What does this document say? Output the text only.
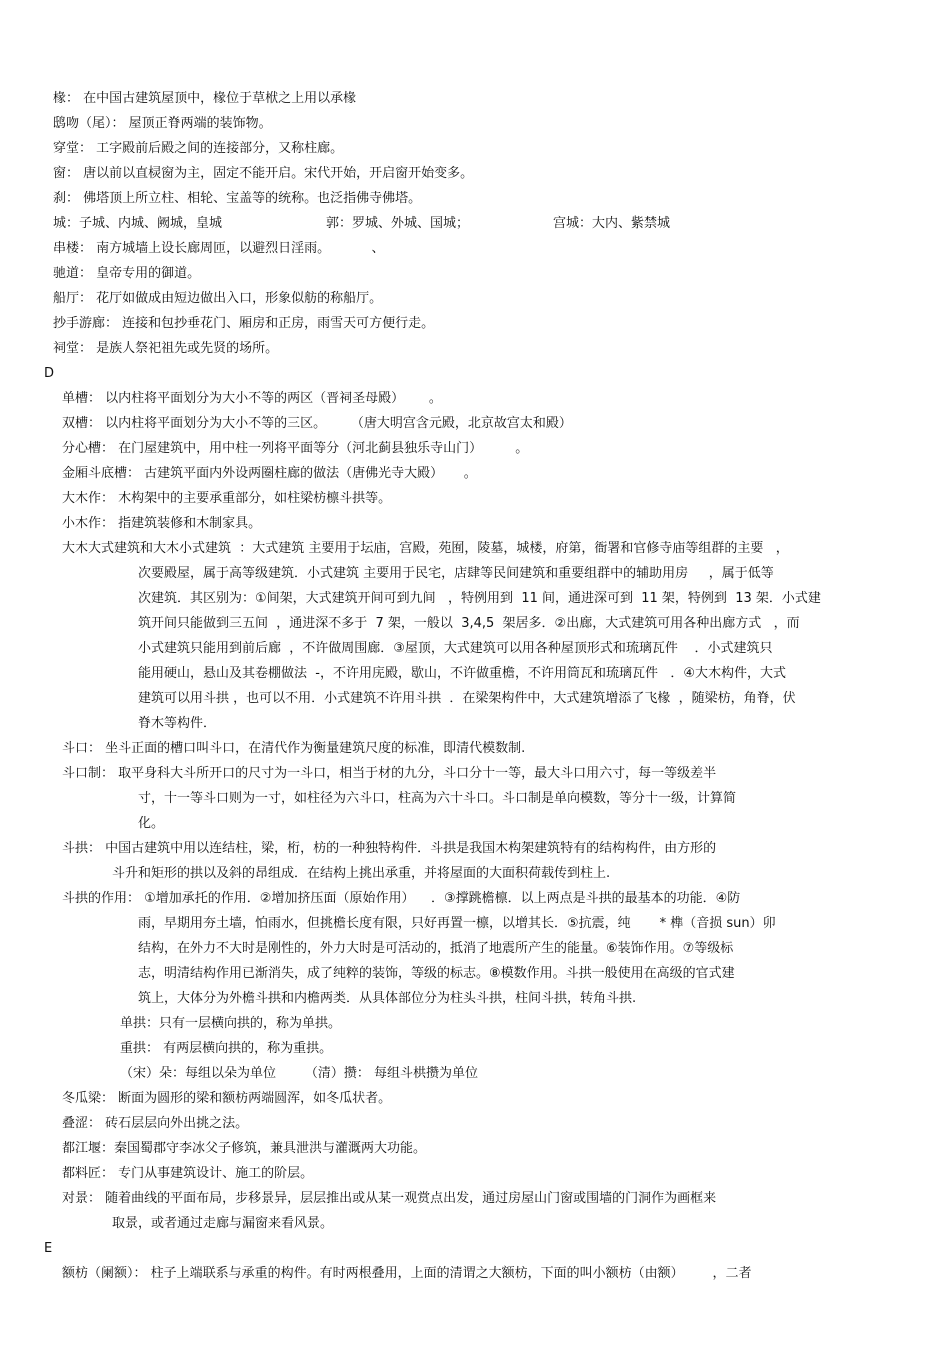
椽： 在中国古建筑屋顶中，椽位于草栿之上用以承椽
鸱吻（尾）： 屋顶正脊两端的装饰物。
穿堂： 工字殿前后殿之间的连接部分，又称柱廊。
窗： 唐以前以直棂窗为主，固定不能开启。宋代开始，开启窗开始变多。
刹： 佛塔顶上所立柱、相轮、宝盖等的统称。也泛指佛寺佛塔。
城：子城、内城、阙城，皇城	郭：罗城、外城、国城；	宫城：大内、紫禁城
串楼： 南方城墙上设长廊周匝，以避烈日淫雨。          、
驰道： 皇帝专用的御道。
船厅： 花厅如做成由短边做出入口，形象似舫的称船厅。
抄手游廊： 连接和包抄垂花门、厢房和正房，雨雪天可方便行走。
祠堂： 是族人祭祀祖先或先贤的场所。
D
单槽： 以内柱将平面划分为大小不等的两区（晋祠圣母殿）      。
双槽： 以内柱将平面划分为大小不等的三区。      （唐大明宫含元殿，北京故宫太和殿）
分心槽： 在门屋建筑中，用中柱一列将平面等分（河北蓟县独乐寺山门）        。
金厢斗底槽： 古建筑平面内外设两圈柱廊的做法（唐佛光寺大殿）     。
大木作： 木构架中的主要承重部分，如柱梁枋檩斗拱等。
小木作： 指建筑装修和木制家具。
大木大式建筑和大木小式建筑  ：大式建筑 主要用于坛庙，宫殿，苑囿，陵墓，城楼，府第，衙署和官修寺庙等组群的主要   ，
次要殿屋，属于高等级建筑．小式建筑 主要用于民宅，店肆等民间建筑和重要组群中的辅助用房     ，属于低等
次建筑．其区别为：①间架，大式建筑开间可到九间   ，特例用到  11 间，通进深可到  11 架，特例到  13 架．小式建
筑开间只能做到三五间  ，通进深不多于  7 架，一般以  3,4,5  架居多．②出廊，大式建筑可用各种出廊方式   ，而
小式建筑只能用到前后廊  ，不许做周围廊．③屋顶，大式建筑可以用各种屋顶形式和琉璃瓦件    ．小式建筑只
能用硬山，悬山及其卷棚做法  -，不许用庑殿，歇山，不许做重檐，不许用筒瓦和琉璃瓦件   ．④大木构件，大式
建筑可以用斗拱 ，也可以不用．小式建筑不许用斗拱  ．在梁架构件中，大式建筑增添了飞椽  ，随梁枋，角脊，伏
脊木等构件．
斗口： 坐斗正面的槽口叫斗口，在清代作为衡量建筑尺度的标准，即清代模数制.
斗口制： 取平身科大斗所开口的尺寸为一斗口，相当于材的九分，斗口分十一等，最大斗口用六寸，每一等级差半
寸，十一等斗口则为一寸，如柱径为六斗口，柱高为六十斗口。斗口制是单向模数，等分十一级，计算简
化。
斗拱： 中国古建筑中用以连结柱，梁，桁，枋的一种独特构件．斗拱是我国木构架建筑特有的结构构件，由方形的
斗升和矩形的拱以及斜的昂组成．在结构上挑出承重，并将屋面的大面积荷载传到柱上.
斗拱的作用： ①增加承托的作用．②增加挤压面（原始作用）    ．③撑跳檐檩．以上两点是斗拱的最基本的功能．④防
雨，早期用夯土墙，怕雨水，但挑檐长度有限，只好再置一檩，以增其长．⑤抗震，纯       * 榫（音损 sun）卯
结构，在外力不大时是刚性的，外力大时是可活动的，抵消了地震所产生的能量。⑥装饰作用。⑦等级标
志，明清结构作用已渐消失，成了纯粹的装饰，等级的标志。⑧模数作用。斗拱一般使用在高级的官式建
筑上，大体分为外檐斗拱和内檐两类．从具体部位分为柱头斗拱，柱间斗拱，转角斗拱.
单拱：只有一层横向拱的，称为单拱。
重拱： 有两层横向拱的，称为重拱。
（宋）朵：每组以朵为单位       （清）攒： 每组斗栱攒为单位
冬瓜梁： 断面为圆形的梁和额枋两端圆浑，如冬瓜状者。
叠涩： 砖石层层向外出挑之法。
都江堰：秦国蜀郡守李冰父子修筑，兼具泄洪与灌溉两大功能。
都料匠： 专门从事建筑设计、施工的阶层。
对景： 随着曲线的平面布局，步移景异，层层推出或从某一观赏点出发，通过房屋山门窗或围墙的门洞作为画框来
取景，或者通过走廊与漏窗来看风景。
E
额枋（阑额）： 柱子上端联系与承重的构件。有时两根叠用，上面的清谓之大额枋，下面的叫小额枋（由额）       ，二者
